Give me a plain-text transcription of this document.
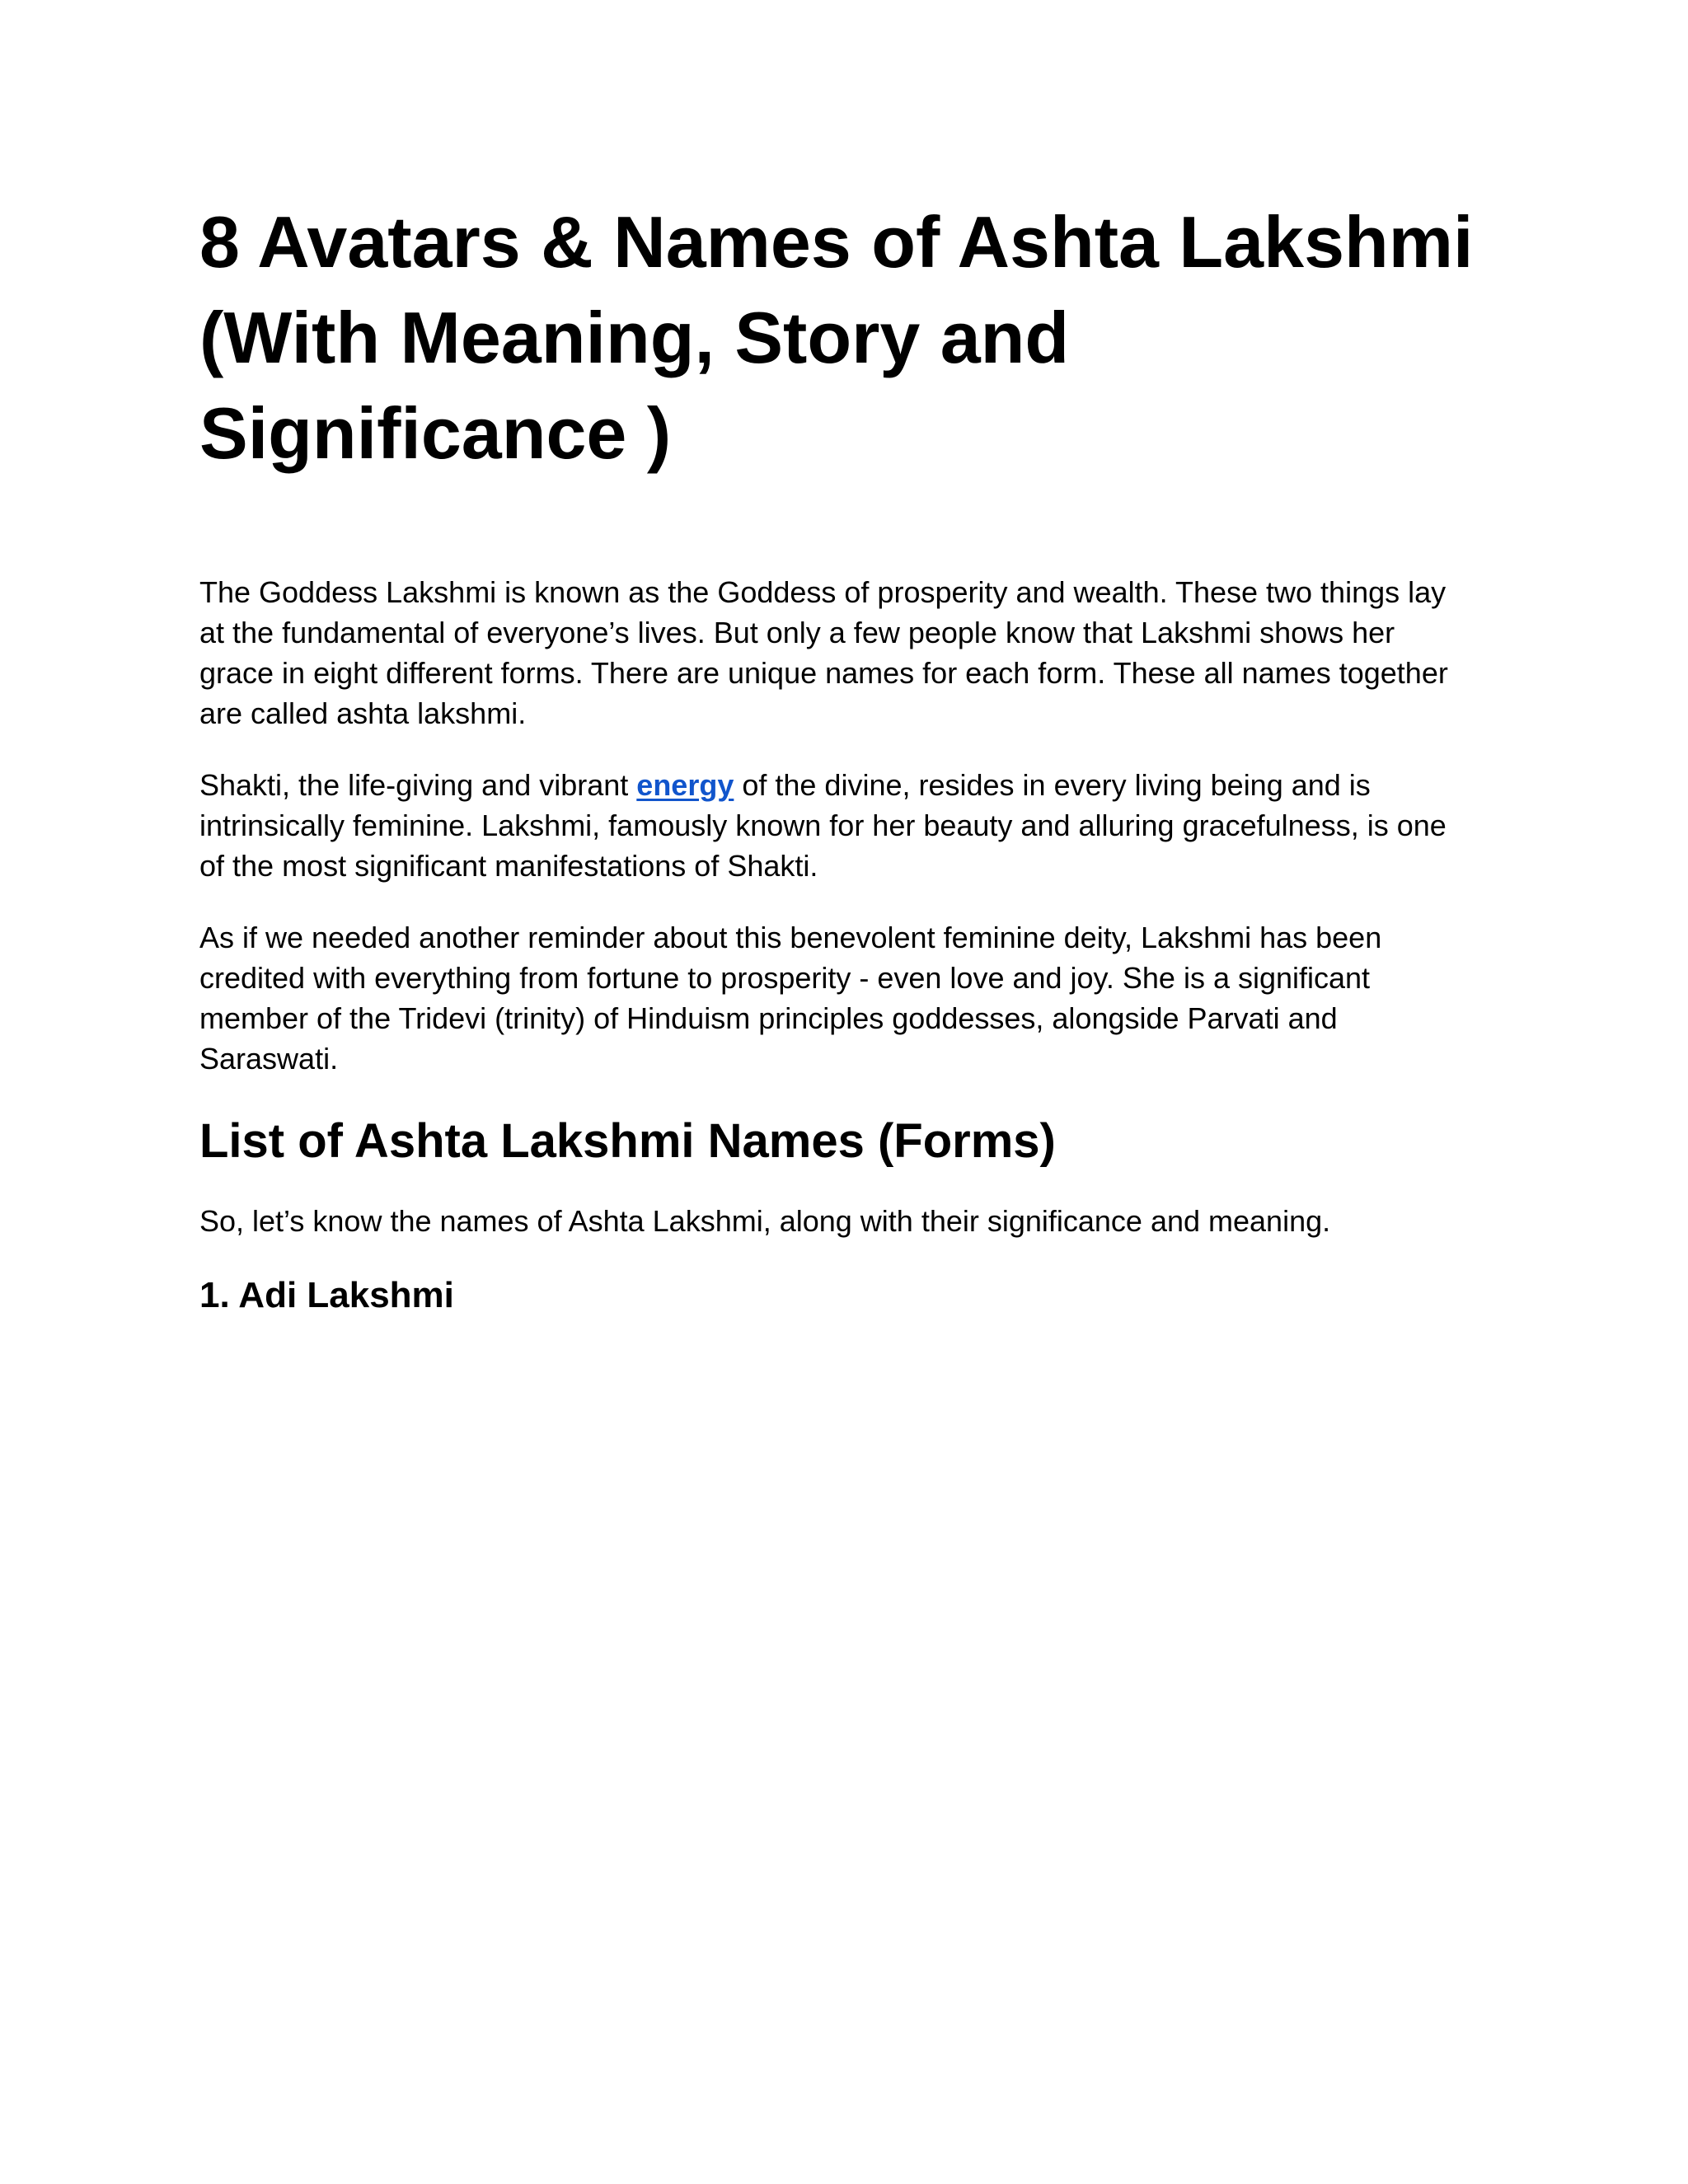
8 Avatars & Names of Ashta Lakshmi
(With Meaning, Story and
Significance )

The Goddess Lakshmi is known as the Goddess of prosperity and wealth. These two things lay
at the fundamental of everyone’s lives. But only a few people know that Lakshmi shows her
grace in eight different forms. There are unique names for each form. These all names together
are called ashta lakshmi.

Shakti, the life-giving and vibrant energy of the divine, resides in every living being and is
intrinsically feminine. Lakshmi, famously known for her beauty and alluring gracefulness, is one
of the most significant manifestations of Shakti.

As if we needed another reminder about this benevolent feminine deity, Lakshmi has been
credited with everything from fortune to prosperity - even love and joy. She is a significant
member of the Tridevi (trinity) of Hinduism principles goddesses, alongside Parvati and
Saraswati.

List of Ashta Lakshmi Names (Forms)

So, let’s know the names of Ashta Lakshmi, along with their significance and meaning.

1. Adi Lakshmi
